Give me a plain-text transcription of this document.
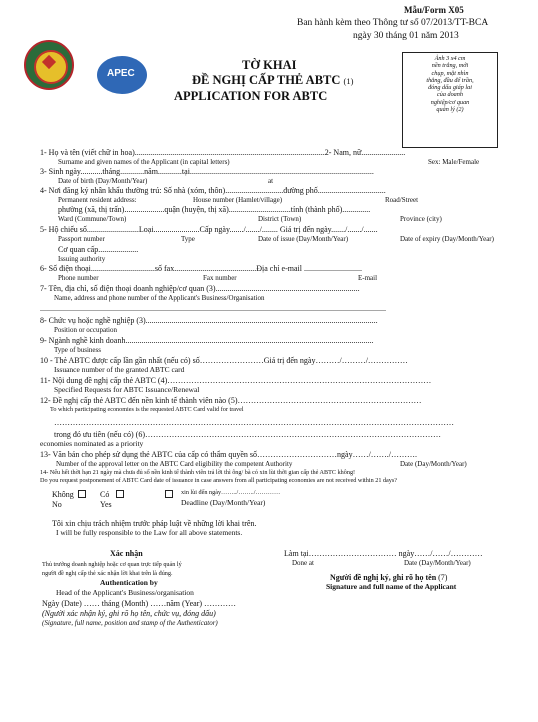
Mẫu/Form X05
Ban hành kèm theo Thông tư số 07/2013/TT-BCA
ngày 30 tháng 01 năm 2013
APEC
Ảnh 3 x4 cm
nền trắng, mới
chụp, mặt nhìn
thẳng, đầu để trần,
đóng dấu giáp lai
của doanh
nghiệp/cơ quan
quản lý (2)
TỜ KHAI
ĐỀ NGHỊ CẤP THẺ ABTC (1)
APPLICATION FOR ABTC
1- Họ và tên (viết chữ in hoa)...............................................................................................2- Nam, nữ......................
Surname and given names of the Applicant (in capital letters)	Sex: Male/Female
3- Sinh ngày...........tháng............năm............tại............................................................................................
Date of birth (Day/Month/Year)	at
4- Nơi đăng ký nhân khẩu thường trú: Số nhà (xóm, thôn).............................đường phố..................................
Permanent resident address:	House number (Hamlet/village)	Road/Street
phường (xã, thị trấn)....................quận (huyện, thị xã)...............................tỉnh (thành phố)..............
Ward (Commune/Town)	District (Town)	Province (city)
5- Hộ chiếu số..........................Loại.......................Cấp ngày......./......./........ Giá trị đến ngày......./......./.......
Passport number	Type	Date of issue (Day/Month/Year)	Date of expiry (Day/Month/Year)
Cơ quan cấp....................
Issuing authority
6- Số điện thoại................................số fax.........................................Địa chỉ e-mail .............................
Phone number	Fax number	E-mail
7- Tên, địa chỉ, số điện thoại doanh nghiệp/cơ quan (3)........................................................................
Name, address and phone number of the Applicant's Business/Organisation
.............................................................................................................................................................................
8- Chức vụ hoặc nghề nghiệp (3)....................................................................................................................
Position or occupation
9- Ngành nghề kinh doanh............................................................................................................................
Type of business
10 - Thẻ ABTC được cấp lần gần nhất (nếu có) số……………………Giá trị đến ngày………/………/……………
Issuance number of the granted ABTC card
11- Nội dung đề nghị cấp thẻ ABTC (4)………………………………………………………………………………………
Specified Requests for ABTC Issuance/Renewal
12- Đề nghị cấp thẻ ABTC đến nền kinh tế thành viên nào (5)……………………………………………………………
To which participating economies is the requested ABTC Card valid for travel
……………………………………………………………………………………………………………………………………
trong đó ưu tiên (nếu có) (6)…………………………………………………………………………………………………
economies nominated as a priority
13- Văn bản cho phép sử dụng thẻ ABTC của cấp có thẩm quyền số…………………………ngày……/……./……….
Number of the approval letter on the ABTC Card eligibility the competent Authority	Date (Day/Month/Year)
14- Nếu hết thời hạn 21 ngày mà chưa đủ số nền kinh tế thành viên trả lời thì ông/ bà có xin lùi thời gian cấp thẻ ABTC không!
Do you request postponement of ABTC Card date of issuance in case answers from all participating economies are not received within 21 days?
Không	Có	xin lùi đến ngày……../……../…………
No	Yes	Deadline (Day/Month/Year)
Tôi xin chịu trách nhiệm trước pháp luật về những lời khai trên.
I will be fully responsible to the Law for all above statements.
Xác nhận
Thủ trưởng doanh nghiệp hoặc cơ quan trực tiếp quản lý
người đề nghị cấp thẻ xác nhận lời khai trên là đúng.
Authentication by
Head of the Applicant's Business/organisation
Ngày (Date) …… tháng (Month) ……năm (Year) …………
(Người xác nhận ký, ghi rõ họ tên, chức vụ, đóng dấu)
(Signature, full name, position and stamp of the Authenticator)
Làm tại…………………………… ngày……/……/…………
Done at	Date (Day/Month/Year)
Người đề nghị ký, ghi rõ họ tên (7)
Signature and full name of the Applicant
